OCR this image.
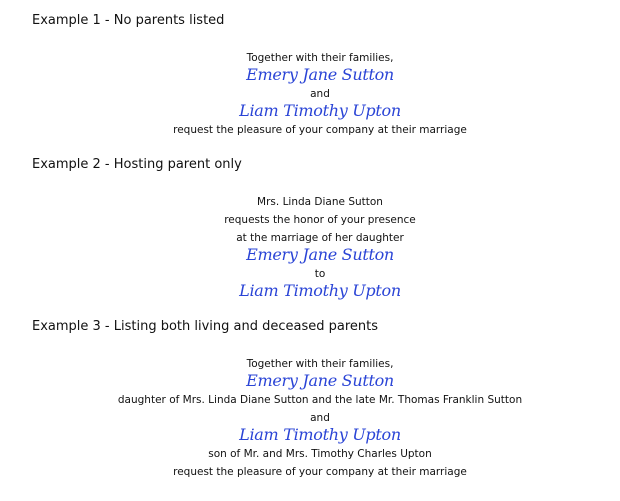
Example 1 - No parents listed
Together with their families,
Emery Jane Sutton
and
Liam Timothy Upton
request the pleasure of your company at their marriage
Example 2 - Hosting parent only
Mrs. Linda Diane Sutton
requests the honor of your presence
at the marriage of her daughter
Emery Jane Sutton
to
Liam Timothy Upton
Example 3 - Listing both living and deceased parents
Together with their families,
Emery Jane Sutton
daughter of Mrs. Linda Diane Sutton and the late Mr. Thomas Franklin Sutton
and
Liam Timothy Upton
son of Mr. and Mrs. Timothy Charles Upton
request the pleasure of your company at their marriage
